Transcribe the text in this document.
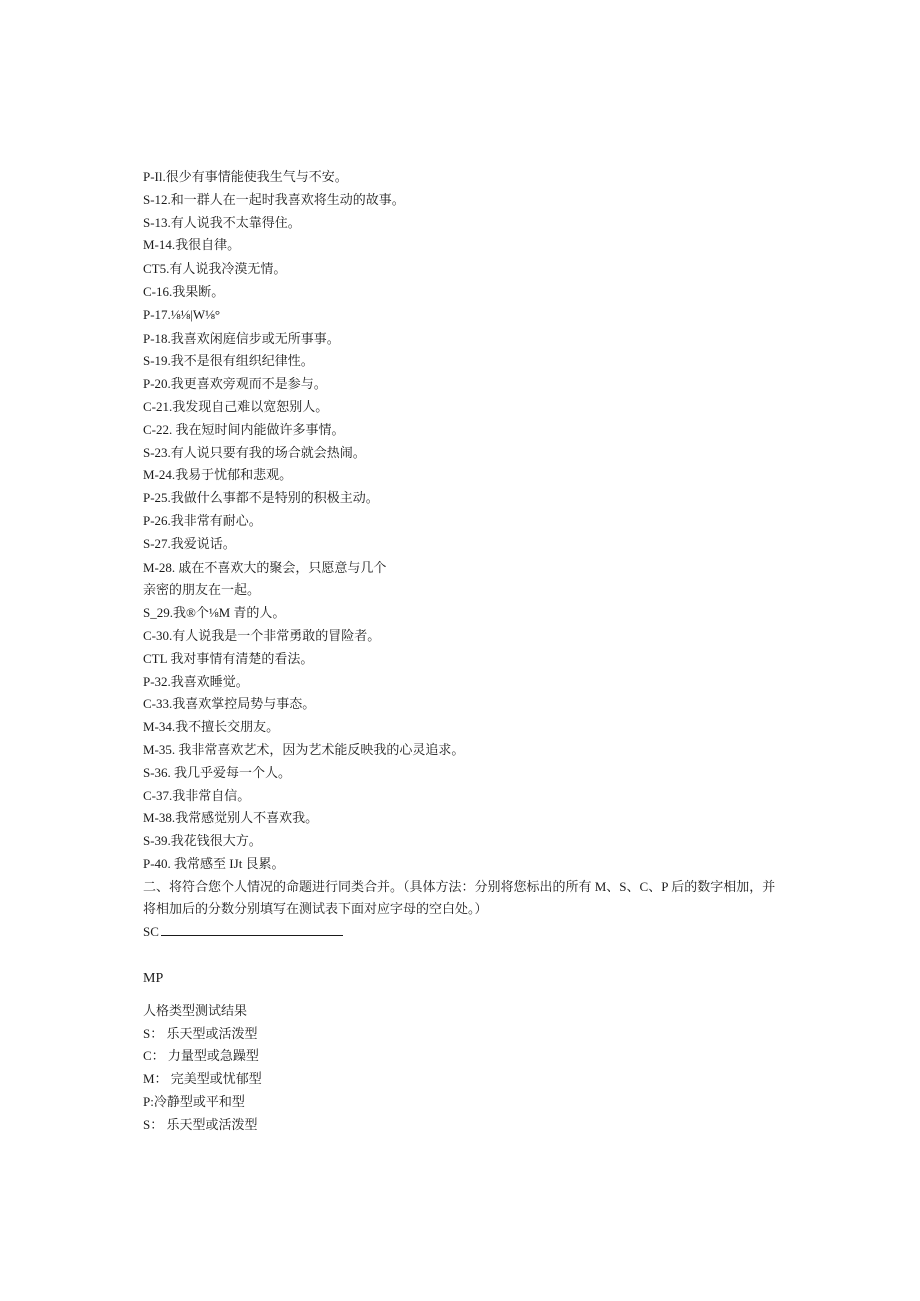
P-Il.很少有事情能使我生气与不安。

S-12.和一群人在一起时我喜欢将生动的故事。

S-13.有人说我不太靠得住。

M-14.我很自律。

CT5.有人说我冷漠无情。

C-16.我果断。

P-17.⅛⅛|W⅛°

P-18.我喜欢闲庭信步或无所事事。

S-19.我不是很有组织纪律性。

P-20.我更喜欢旁观而不是参与。

C-21.我发现自己难以宽恕别人。

C-22. 我在短时间内能做许多事情。

S-23.有人说只要有我的场合就会热闹。

M-24.我易于忧郁和悲观。

P-25.我做什么事都不是特别的积极主动。

P-26.我非常有耐心。

S-27.我爱说话。

M-28. 戚在不喜欢大的聚会，只愿意与几个

亲密的朋友在一起。

S_29.我®个⅛M 青的人。

C-30.有人说我是一个非常勇敢的冒险者。

CTL 我对事情有清楚的看法。

P-32.我喜欢睡觉。

C-33.我喜欢掌控局势与事态。

M-34.我不擅长交朋友。

M-35. 我非常喜欢艺术，因为艺术能反映我的心灵追求。

S-36. 我几乎爱每一个人。

C-37.我非常自信。

M-38.我常感觉别人不喜欢我。

S-39.我花钱很大方。

P-40. 我常感至 IJt 艮累。

二、将符合您个人情况的命题进行同类合并。（具体方法：分别将您标出的所有 M、S、C、P 后的数字相加，并将相加后的分数分别填写在测试表下面对应字母的空白处。）

SC
MP

人格类型测试结果

S： 乐天型或活泼型

C： 力量型或急躁型

M： 完美型或忧郁型

P:冷静型或平和型

S： 乐天型或活泼型
